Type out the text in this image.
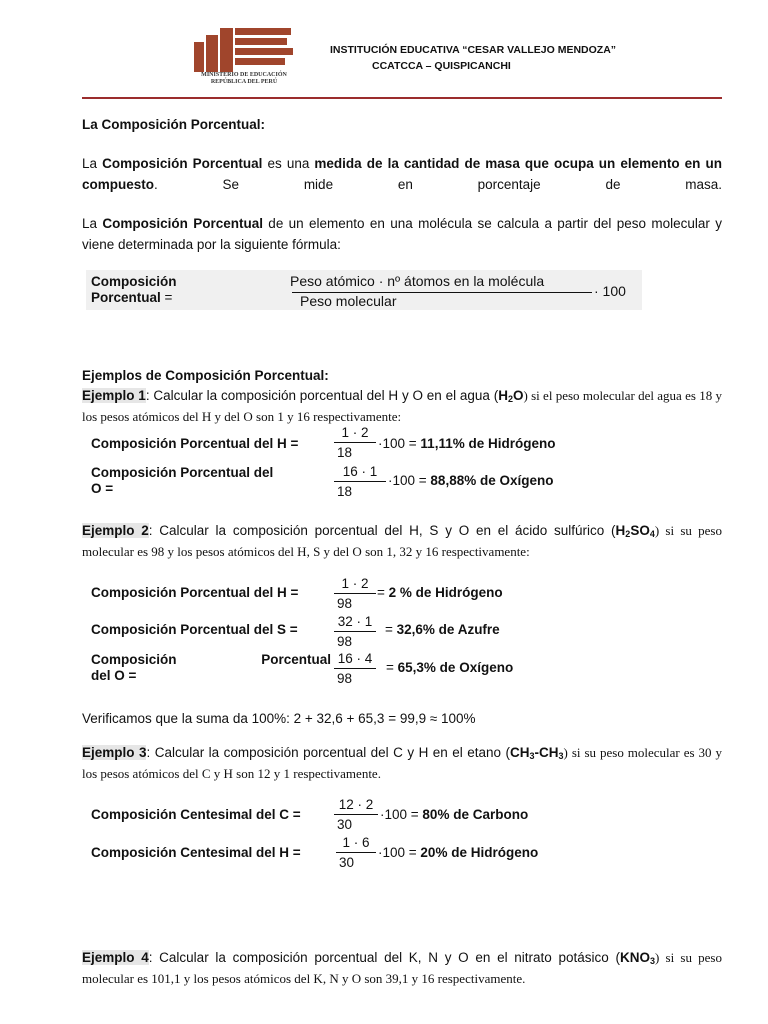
MINISTERIO DE EDUCACIÓN REPÚBLICA DEL PERÚ
INSTITUCIÓN EDUCATIVA “CESAR VALLEJO MENDOZA”
CCATCCA – QUISPICANCHI
La Composición Porcentual:
La Composición Porcentual es una medida de la cantidad de masa que ocupa un elemento en un compuesto. Se mide en porcentaje de masa.
La Composición Porcentual de un elemento en una molécula se calcula a partir del peso molecular y viene determinada por la siguiente fórmula:
Composición
Porcentual =
Peso atómico · nº átomos en la molécula
Peso molecular
· 100
Ejemplos de Composición Porcentual:
Ejemplo 1: Calcular la composición porcentual del H y O en el agua $(H_2O)$ si el peso molecular del agua es 18 y los pesos atómicos del H y del O son 1 y 16 respectivamente:
Composición Porcentual del H =
1 · 2
18
·100 = 11,11% de Hidrógeno
Composición Porcentual del
O =
16 · 1
18
·100 = 88,88% de Oxígeno
Ejemplo 2: Calcular la composición porcentual del H, S y O en el ácido sulfúrico $(H_2SO_4)$ si su peso molecular es 98 y los pesos atómicos del H, S y del O son 1, 32 y 16 respectivamente:
Composición Porcentual del H =
1 · 2
98
= 2 % de Hidrógeno
Composición Porcentual del S =
32 · 1
98
= 32,6% de Azufre
Composición	Porcentual
del O =
16 · 4
98
= 65,3% de Oxígeno
Verificamos que la suma da 100%: 2 + 32,6 + 65,3 = 99,9 ≈ 100%
Ejemplo 3: Calcular la composición porcentual del C y H en el etano $(CH_3-CH_3)$ si su peso molecular es 30 y los pesos atómicos del C y H son 12 y 1 respectivamente.
Composición Centesimal del C =
12 · 2
30
·100 = 80% de Carbono
Composición Centesimal del H =
1 · 6
30
·100 = 20% de Hidrógeno
Ejemplo 4: Calcular la composición porcentual del K, N y O en el nitrato potásico $(KNO_3)$ si su peso molecular es 101,1 y los pesos atómicos del K, N y O son 39,1 y 16 respectivamente.
